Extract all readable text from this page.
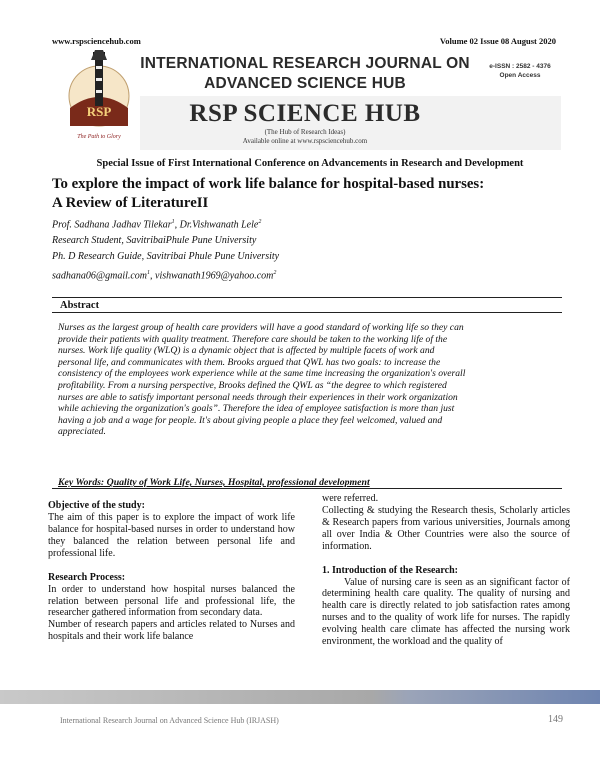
www.rspsciencehub.com	Volume 02 Issue 08 August 2020
RSP
The Path to Glory
INTERNATIONAL RESEARCH JOURNAL ON
ADVANCED SCIENCE HUB
e-ISSN : 2582 - 4376
Open Access
RSP SCIENCE HUB
(The Hub of Research Ideas)
Available online at www.rspsciencehub.com
Special Issue of First International Conference on Advancements in Research and Development
To explore the impact of work life balance for hospital-based nurses:
A Review of LiteratureII
Prof. Sadhana Jadhav Tilekar$^1$, Dr.Vishwanath Lele$^2$
Research Student, SavitribaiPhule Pune University
Ph. D Research Guide, Savitribai Phule Pune University
sadhana06@gmail.com$^1$, vishwanath1969@yahoo.com$^2$
Abstract
Nurses as the largest group of health care providers will have a good standard of working life so they can
provide their patients with quality treatment. Therefore care should be taken to the working life of the
nurses. Work life quality (WLQ) is a dynamic object that is affected by multiple facets of work and
personal life, and communicates with them. Brooks argued that QWL has two goals: to increase the
consistency of the employees work experience while at the same time increasing the organization's overall
profitability. From a nursing perspective, Brooks defined the QWL as “the degree to which registered
nurses are able to satisfy important personal needs through their experiences in their work organization
while achieving the organization's goals”. Therefore the idea of employee satisfaction is more than just
having a job and a wage for people. It's about giving people a place they feel welcomed, valued and
appreciated.
Key Words: Quality of Work Life, Nurses, Hospital, professional development
Objective of the study:

The aim of this paper is to explore the impact of work life balance for hospital-based nurses in order to understand how they balanced the relation between personal life and professional life.

Research Process:

In order to understand how hospital nurses balanced the relation between personal life and professional life, the researcher gathered information from secondary data.

Number of research papers and articles related to Nurses and hospitals and their work life balance

were referred.

Collecting & studying the Research thesis, Scholarly articles & Research papers from various universities, Journals among all over India & Other Countries were also the source of information.

1. Introduction of the Research:

Value of nursing care is seen as an significant factor of determining health care quality. The quality of nursing and health care is directly related to job satisfaction rates among nurses and to the quality of work life for nurses. The rapidly evolving health care climate has affected the nursing work environment, the workload and the quality of

International Research Journal on Advanced Science Hub (IRJASH)	149
